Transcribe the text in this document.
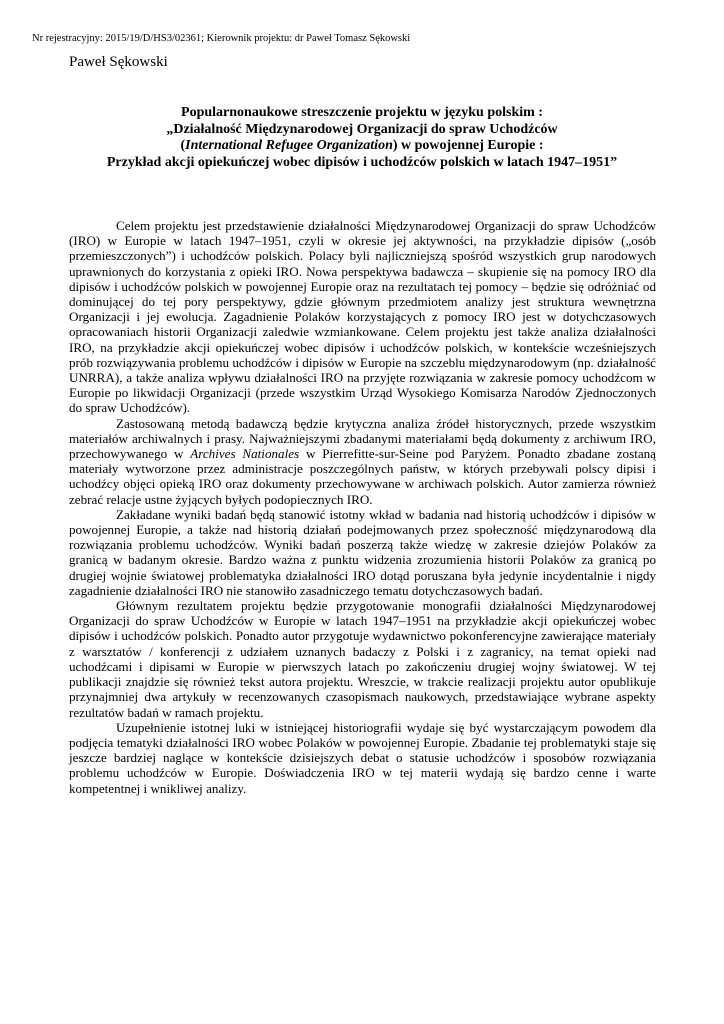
Nr rejestracyjny: 2015/19/D/HS3/02361; Kierownik projektu: dr Paweł Tomasz Sękowski
Paweł Sękowski
Popularnonaukowe streszczenie projektu w języku polskim :
„Działalność Międzynarodowej Organizacji do spraw Uchodźców
(International Refugee Organization) w powojennej Europie :
Przykład akcji opiekuńczej wobec dipisów i uchodźców polskich w latach 1947–1951”

Celem projektu jest przedstawienie działalności Międzynarodowej Organizacji do spraw Uchodźców (IRO) w Europie w latach 1947–1951, czyli w okresie jej aktywności, na przykładzie dipisów („osób przemieszczonych”) i uchodźców polskich. Polacy byli najliczniejszą spośród wszystkich grup narodowych uprawnionych do korzystania z opieki IRO. Nowa perspektywa badawcza – skupienie się na pomocy IRO dla dipisów i uchodźców polskich w powojennej Europie oraz na rezultatach tej pomocy – będzie się odróżniać od dominującej do tej pory perspektywy, gdzie głównym przedmiotem analizy jest struktura wewnętrzna Organizacji i jej ewolucja. Zagadnienie Polaków korzystających z pomocy IRO jest w dotychczasowych opracowaniach historii Organizacji zaledwie wzmiankowane. Celem projektu jest także analiza działalności IRO, na przykładzie akcji opiekuńczej wobec dipisów i uchodźców polskich, w kontekście wcześniejszych prób rozwiązywania problemu uchodźców i dipisów w Europie na szczeblu międzynarodowym (np. działalność UNRRA), a także analiza wpływu działalności IRO na przyjęte rozwiązania w zakresie pomocy uchodźcom w Europie po likwidacji Organizacji (przede wszystkim Urząd Wysokiego Komisarza Narodów Zjednoczonych do spraw Uchodźców).

Zastosowaną metodą badawczą będzie krytyczna analiza źródeł historycznych, przede wszystkim materiałów archiwalnych i prasy. Najważniejszymi zbadanymi materiałami będą dokumenty z archiwum IRO, przechowywanego w Archives Nationales w Pierrefitte-sur-Seine pod Paryżem. Ponadto zbadane zostaną materiały wytworzone przez administracje poszczególnych państw, w których przebywali polscy dipisi i uchodźcy objęci opieką IRO oraz dokumenty przechowywane w archiwach polskich. Autor zamierza również zebrać relacje ustne żyjących byłych podopiecznych IRO.

Zakładane wyniki badań będą stanowić istotny wkład w badania nad historią uchodźców i dipisów w powojennej Europie, a także nad historią działań podejmowanych przez społeczność międzynarodową dla rozwiązania problemu uchodźców. Wyniki badań poszerzą także wiedzę w zakresie dziejów Polaków za granicą w badanym okresie. Bardzo ważna z punktu widzenia zrozumienia historii Polaków za granicą po drugiej wojnie światowej problematyka działalności IRO dotąd poruszana była jedynie incydentalnie i nigdy zagadnienie działalności IRO nie stanowiło zasadniczego tematu dotychczasowych badań.

Głównym rezultatem projektu będzie przygotowanie monografii działalności Międzynarodowej Organizacji do spraw Uchodźców w Europie w latach 1947–1951 na przykładzie akcji opiekuńczej wobec dipisów i uchodźców polskich. Ponadto autor przygotuje wydawnictwo pokonferencyjne zawierające materiały z warsztatów / konferencji z udziałem uznanych badaczy z Polski i z zagranicy, na temat opieki nad uchodźcami i dipisami w Europie w pierwszych latach po zakończeniu drugiej wojny światowej. W tej publikacji znajdzie się również tekst autora projektu. Wreszcie, w trakcie realizacji projektu autor opublikuje przynajmniej dwa artykuły w recenzowanych czasopismach naukowych, przedstawiające wybrane aspekty rezultatów badań w ramach projektu.

Uzupełnienie istotnej luki w istniejącej historiografii wydaje się być wystarczającym powodem dla podjęcia tematyki działalności IRO wobec Polaków w powojennej Europie. Zbadanie tej problematyki staje się jeszcze bardziej naglące w kontekście dzisiejszych debat o statusie uchodźców i sposobów rozwiązania problemu uchodźców w Europie. Doświadczenia IRO w tej materii wydają się bardzo cenne i warte kompetentnej i wnikliwej analizy.
